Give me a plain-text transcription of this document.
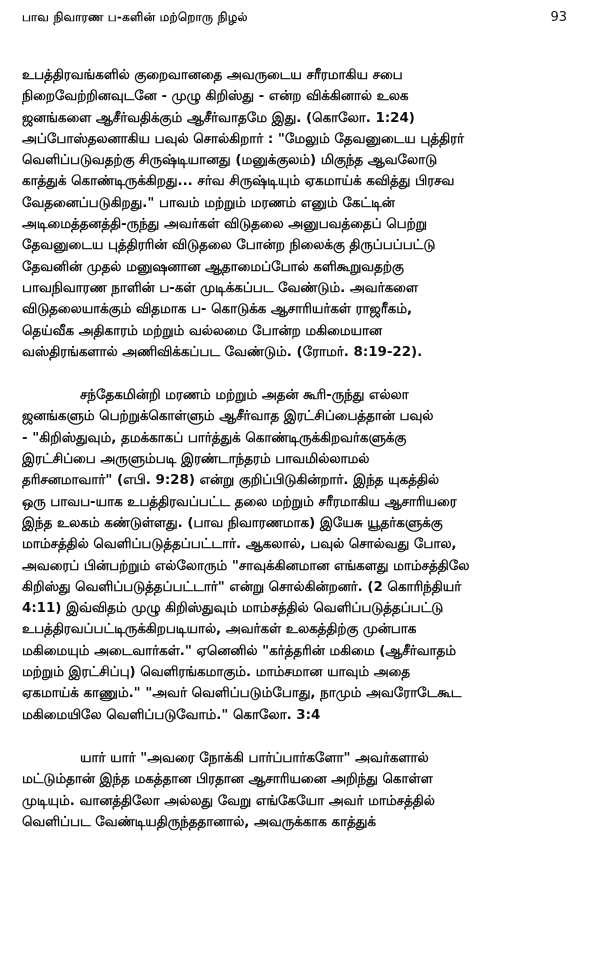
பாவ நிவாரண ப-களின் மற்றொரு நிழல்	93

உபத்திரவங்களில் குறைவானதை அவருடைய சரீரமாகிய சபை
நிறைவேற்றினவுடனே - முழு கிறிஸ்து - என்ற விக்கினால் உலக
ஜனங்களை ஆசீர்வதிக்கும் ஆசீர்வாதமே இது. (கொலோ. 1:24)
அப்போஸ்தலனாகிய பவுல் சொல்கிறார் : "மேலும் தேவனுடைய புத்திரர்
வெளிப்படுவதற்கு சிருஷ்டியானது (மனுக்குலம்) மிகுந்த ஆவலோடு
காத்துக் கொண்டிருக்கிறது... சர்வ சிருஷ்டியும் ஏகமாய்க் கவித்து பிரசவ
வேதனைப்படுகிறது." பாவம் மற்றும் மரணம் எனும் கேட்டின்
அடிமைத்தனத்தி-ருந்து அவர்கள் விடுதலை அனுபவத்தைப் பெற்று
தேவனுடைய புத்திரரின் விடுதலை போன்ற நிலைக்கு திருப்பப்பட்டு
தேவனின் முதல் மனுஷனான ஆதாமைப்போல் களிகூறுவதற்கு
பாவநிவாரண நாளின் ப-கள் முடிக்கப்பட வேண்டும். அவர்களை
விடுதலையாக்கும் விதமாக ப- கொடுக்க ஆசாரியர்கள் ராஜரீகம்,
தெய்வீக அதிகாரம் மற்றும் வல்லமை போன்ற மகிமையான
வஸ்திரங்களால் அணிவிக்கப்பட வேண்டும். (ரோமர். 8:19-22).

சந்தேகமின்றி மரணம் மற்றும் அதன் கூரி-ருந்து எல்லா
ஜனங்களும் பெற்றுக்கொள்ளும் ஆசீர்வாத இரட்சிப்பைத்தான் பவுல்
- "கிறிஸ்துவும், தமக்காகப் பார்த்துக் கொண்டிருக்கிறவர்களுக்கு
இரட்சிப்பை அருளும்படி இரண்டாந்தரம் பாவமில்லாமல்
தரிசனமாவார்" (எபி. 9:28) என்று குறிப்பிடுகின்றார். இந்த யுகத்தில்
ஒரு பாவப-யாக உபத்திரவப்பட்ட தலை மற்றும் சரீரமாகிய ஆசாரியரை
இந்த உலகம் கண்டுள்ளது. (பாவ நிவாரணமாக) இயேசு யூதர்களுக்கு
மாம்சத்தில் வெளிப்படுத்தப்பட்டார். ஆகலால், பவுல் சொல்வது போல,
அவரைப் பின்பற்றும் எல்லோரும் "சாவுக்கினமான எங்களது மாம்சத்திலே
கிறிஸ்து வெளிப்படுத்தப்பட்டார்" என்று சொல்கின்றனர். (2 கொரிந்தியர்
4:11) இவ்விதம் முழு கிறிஸ்துவும் மாம்சத்தில் வெளிப்படுத்தப்பட்டு
உபத்திரவப்பட்டிருக்கிறபடியால், அவர்கள் உலகத்திற்கு முன்பாக
மகிமையும் அடைவார்கள்." ஏனெனில் "கர்த்தரின் மகிமை (ஆசீர்வாதம்
மற்றும் இரட்சிப்பு) வெளிரங்கமாகும். மாம்சமான யாவும் அதை
ஏகமாய்க் காணும்." "அவர் வெளிப்படும்போது, நாமும் அவரோடேகூட
மகிமையிலே வெளிப்படுவோம்." கொலோ. 3:4

யார் யார் "அவரை நோக்கி பார்ப்பார்களோ" அவர்களால்
மட்டும்தான் இந்த மகத்தான பிரதான ஆசாரியனை அறிந்து கொள்ள
முடியும். வானத்திலோ அல்லது வேறு எங்கேயோ அவர் மாம்சத்தில்
வெளிப்பட வேண்டியதிருந்ததானால், அவருக்காக காத்துக்
